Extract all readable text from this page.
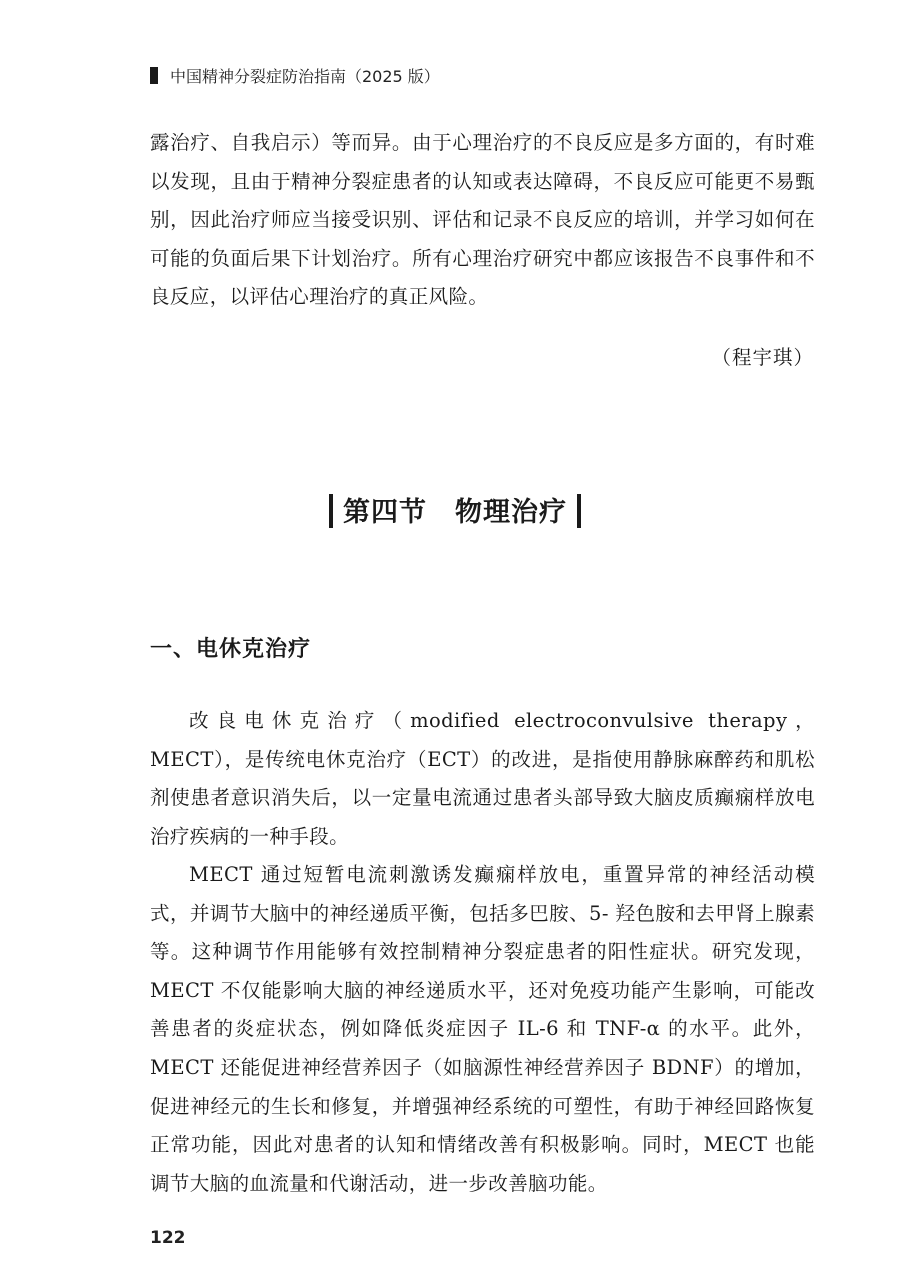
中国精神分裂症防治指南（2025 版）

露治疗、自我启示）等而异。由于心理治疗的不良反应是多方面的，有时难以发现，且由于精神分裂症患者的认知或表达障碍，不良反应可能更不易甄别，因此治疗师应当接受识别、评估和记录不良反应的培训，并学习如何在可能的负面后果下计划治疗。所有心理治疗研究中都应该报告不良事件和不良反应，以评估心理治疗的真正风险。

（程宇琪）
第四节　物理治疗
一、电休克治疗

改良电休克治疗（modified electroconvulsive therapy，MECT），是传统电休克治疗（ECT）的改进，是指使用静脉麻醉药和肌松剂使患者意识消失后，以一定量电流通过患者头部导致大脑皮质癫痫样放电治疗疾病的一种手段。

MECT 通过短暂电流刺激诱发癫痫样放电，重置异常的神经活动模式，并调节大脑中的神经递质平衡，包括多巴胺、5- 羟色胺和去甲肾上腺素等。这种调节作用能够有效控制精神分裂症患者的阳性症状。研究发现，MECT 不仅能影响大脑的神经递质水平，还对免疫功能产生影响，可能改善患者的炎症状态，例如降低炎症因子 IL-6 和 TNF-α 的水平。此外，MECT 还能促进神经营养因子（如脑源性神经营养因子 BDNF）的增加，促进神经元的生长和修复，并增强神经系统的可塑性，有助于神经回路恢复正常功能，因此对患者的认知和情绪改善有积极影响。同时，MECT 也能调节大脑的血流量和代谢活动，进一步改善脑功能。

122
